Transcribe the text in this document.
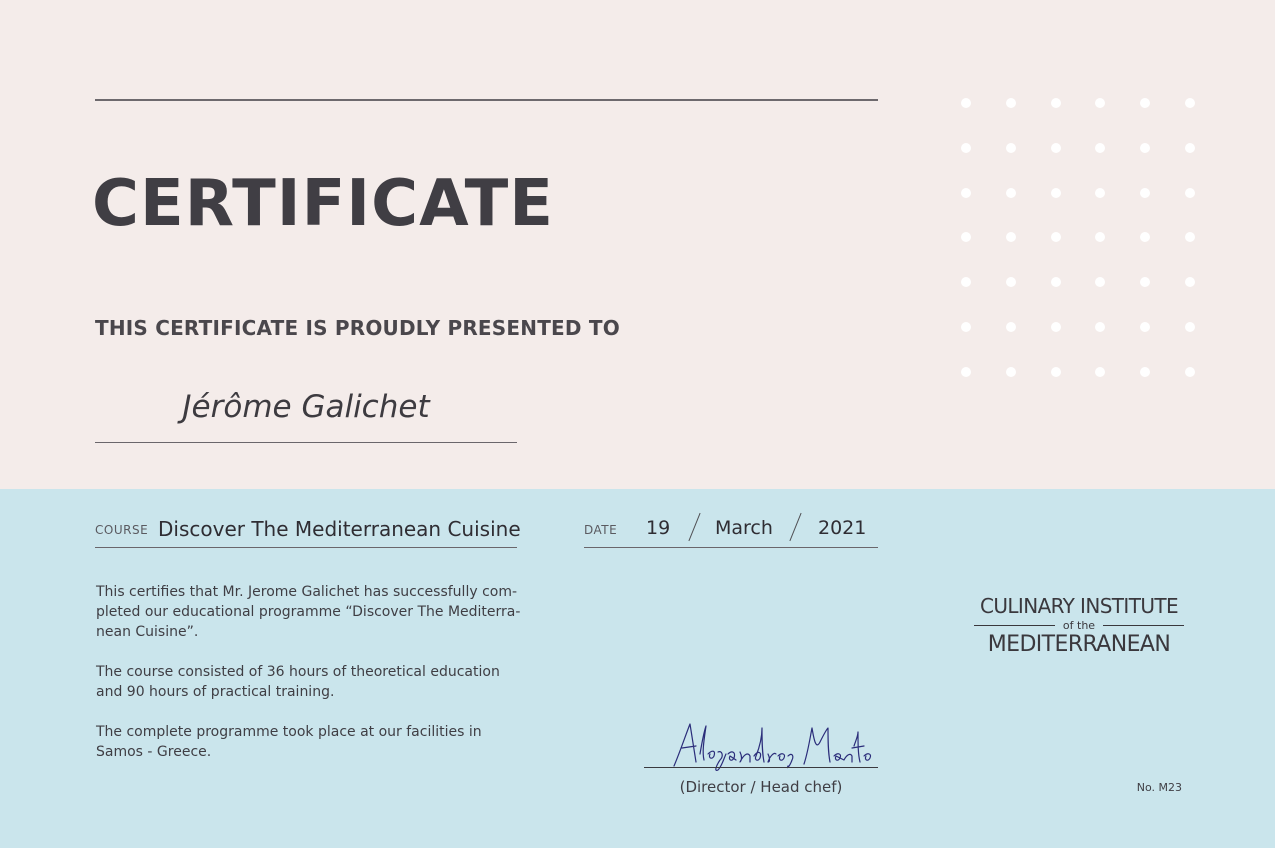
CERTIFICATE
THIS CERTIFICATE IS PROUDLY PRESENTED TO
Jérôme Galichet
COURSE Discover The Mediterranean Cuisine	DATE 19 March 2021

This certifies that Mr. Jerome Galichet has successfully com-pleted our educational programme “Discover The Mediterra-nean Cuisine”.

The course consisted of 36 hours of theoretical education and 90 hours of practical training.

The complete programme took place at our facilities in Samos - Greece.

(Director / Head chef)
CULINARY INSTITUTE
of the
MEDITERRANEAN
No. M23
